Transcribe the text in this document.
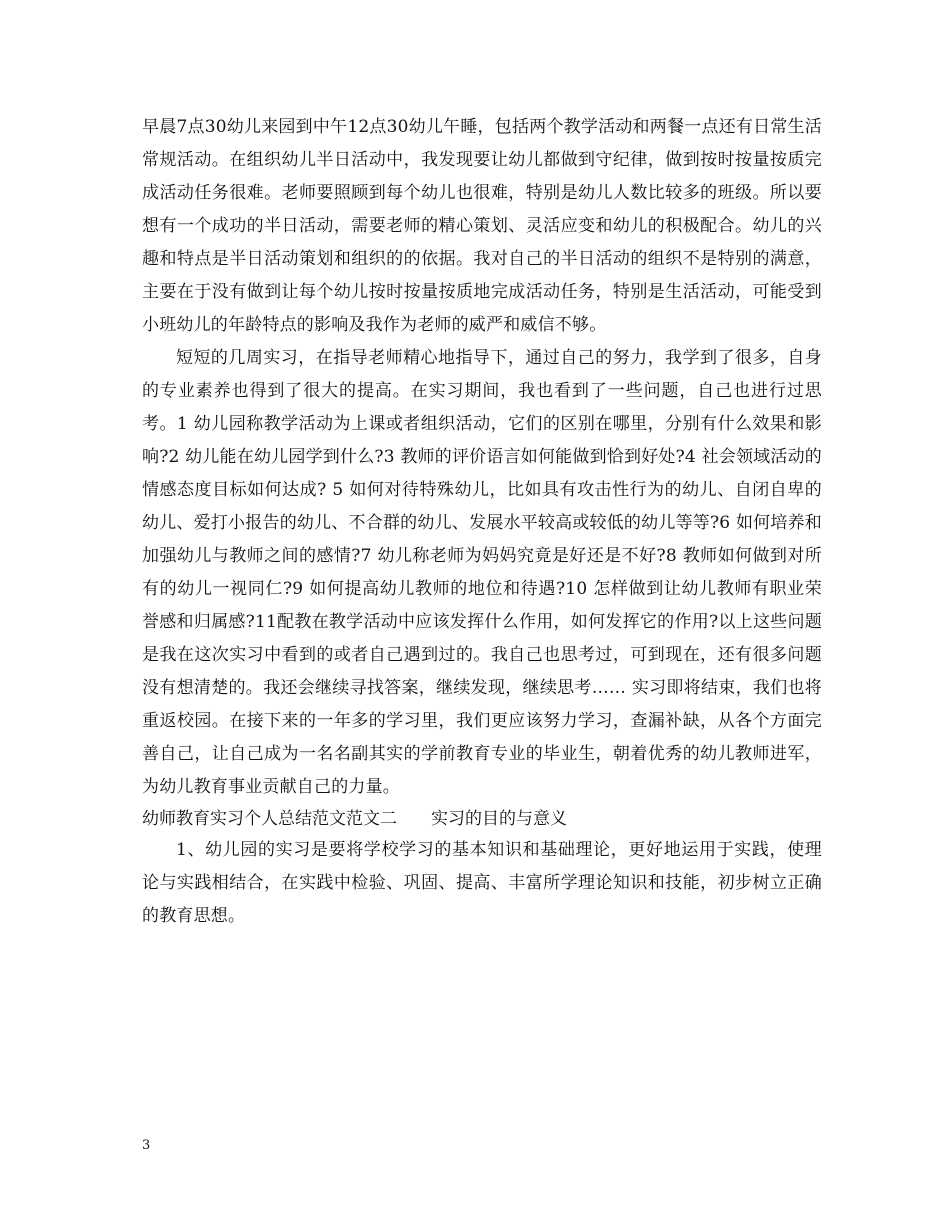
早晨7点30幼儿来园到中午12点30幼儿午睡，包括两个教学活动和两餐一点还有日常生活常规活动。在组织幼儿半日活动中，我发现要让幼儿都做到守纪律，做到按时按量按质完成活动任务很难。老师要照顾到每个幼儿也很难，特别是幼儿人数比较多的班级。所以要想有一个成功的半日活动，需要老师的精心策划、灵活应变和幼儿的积极配合。幼儿的兴趣和特点是半日活动策划和组织的的依据。我对自己的半日活动的组织不是特别的满意，主要在于没有做到让每个幼儿按时按量按质地完成活动任务，特别是生活活动，可能受到小班幼儿的年龄特点的影响及我作为老师的威严和威信不够。

短短的几周实习，在指导老师精心地指导下，通过自己的努力，我学到了很多，自身的专业素养也得到了很大的提高。在实习期间，我也看到了一些问题，自己也进行过思考。1 幼儿园称教学活动为上课或者组织活动，它们的区别在哪里，分别有什么效果和影响?2 幼儿能在幼儿园学到什么?3 教师的评价语言如何能做到恰到好处?4 社会领域活动的情感态度目标如何达成? 5 如何对待特殊幼儿，比如具有攻击性行为的幼儿、自闭自卑的幼儿、爱打小报告的幼儿、不合群的幼儿、发展水平较高或较低的幼儿等等?6 如何培养和加强幼儿与教师之间的感情?7 幼儿称老师为妈妈究竟是好还是不好?8 教师如何做到对所有的幼儿一视同仁?9 如何提高幼儿教师的地位和待遇?10 怎样做到让幼儿教师有职业荣誉感和归属感?11配教在教学活动中应该发挥什么作用，如何发挥它的作用?以上这些问题是我在这次实习中看到的或者自己遇到过的。我自己也思考过，可到现在，还有很多问题没有想清楚的。我还会继续寻找答案，继续发现，继续思考…… 实习即将结束，我们也将重返校园。在接下来的一年多的学习里，我们更应该努力学习，查漏补缺，从各个方面完善自己，让自己成为一名名副其实的学前教育专业的毕业生，朝着优秀的幼儿教师进军，为幼儿教育事业贡献自己的力量。

幼师教育实习个人总结范文范文二　　实习的目的与意义

1、幼儿园的实习是要将学校学习的基本知识和基础理论，更好地运用于实践，使理论与实践相结合，在实践中检验、巩固、提高、丰富所学理论知识和技能，初步树立正确的教育思想。

3
